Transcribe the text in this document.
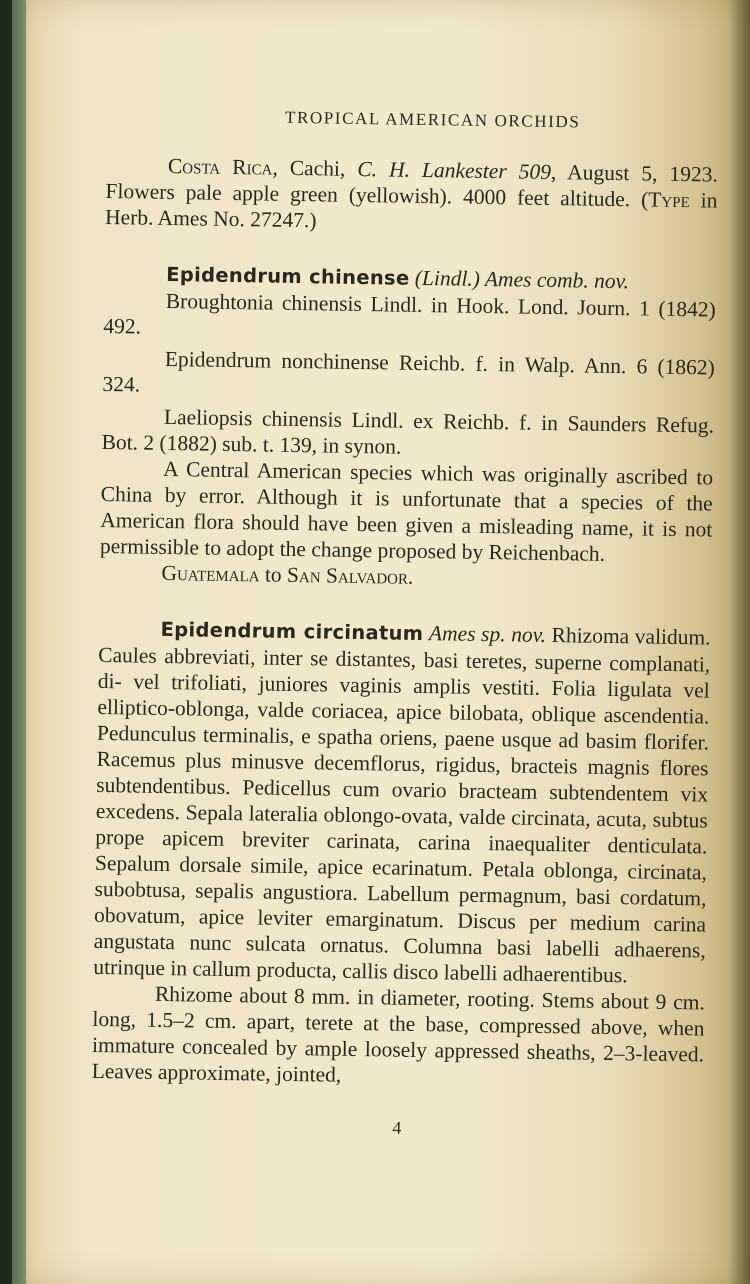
TROPICAL AMERICAN ORCHIDS

Costa Rica, Cachi, C. H. Lankester 509, August 5, 1923. Flowers pale apple green (yellowish). 4000 feet altitude. (Type in Herb. Ames No. 27247.)

Epidendrum chinense (Lindl.) Ames comb. nov.

Broughtonia chinensis Lindl. in Hook. Lond. Journ. 1 (1842) 492.

Epidendrum nonchinense Reichb. f. in Walp. Ann. 6 (1862) 324.

Laeliopsis chinensis Lindl. ex Reichb. f. in Saunders Refug. Bot. 2 (1882) sub. t. 139, in synon.

A Central American species which was originally ascribed to China by error. Although it is unfortunate that a species of the American flora should have been given a misleading name, it is not permissible to adopt the change proposed by Reichenbach.

Guatemala to San Salvador.

Epidendrum circinatum Ames sp. nov. Rhizoma validum. Caules abbreviati, inter se distantes, basi teretes, superne complanati, di- vel trifoliati, juniores vaginis amplis vestiti. Folia ligulata vel elliptico-oblonga, valde coriacea, apice bilobata, oblique ascendentia. Pedunculus terminalis, e spatha oriens, paene usque ad basim florifer. Racemus plus minusve decemflorus, rigidus, bracteis magnis flores subtendentibus. Pedicellus cum ovario bracteam subtendentem vix excedens. Sepala lateralia oblongo-ovata, valde circinata, acuta, subtus prope apicem breviter carinata, carina inaequaliter denticulata. Sepalum dorsale simile, apice ecarinatum. Petala oblonga, circinata, subobtusa, sepalis angustiora. Labellum permagnum, basi cordatum, obovatum, apice leviter emarginatum. Discus per medium carina angustata nunc sulcata ornatus. Columna basi labelli adhaerens, utrinque in callum producta, callis disco labelli adhaerentibus.

Rhizome about 8 mm. in diameter, rooting. Stems about 9 cm. long, 1.5–2 cm. apart, terete at the base, compressed above, when immature concealed by ample loosely appressed sheaths, 2–3-leaved. Leaves approximate, jointed,

4
